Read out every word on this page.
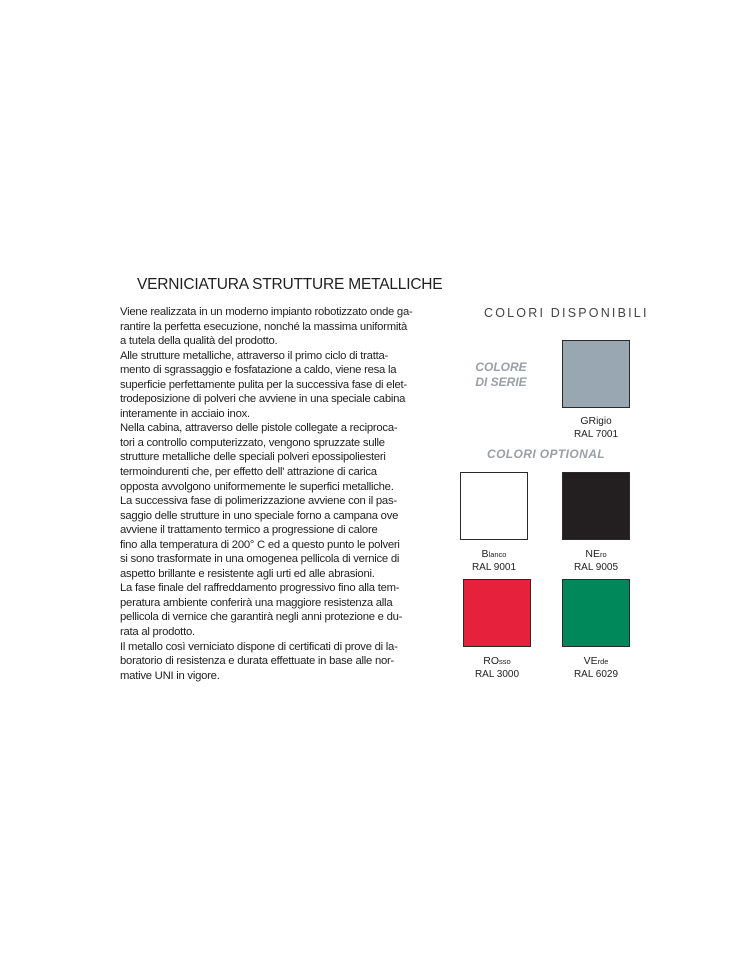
VERNICIATURA STRUTTURE METALLICHE
Viene realizzata in un moderno impianto robotizzato onde ga-
rantire la perfetta esecuzione, nonché la massima uniformità
a tutela della qualità del prodotto.
Alle strutture metalliche, attraverso il primo ciclo di tratta-
mento di sgrassaggio e fosfatazione a caldo, viene resa la
superficie perfettamente pulita per la successiva fase di elet-
trodeposizione di polveri che avviene in una speciale cabina
interamente in acciaio inox.
Nella cabina, attraverso delle pistole collegate a reciproca-
tori a controllo computerizzato, vengono spruzzate sulle
strutture metalliche delle speciali polveri epossipoliesteri
termoindurenti che, per effetto dell' attrazione di carica
opposta avvolgono uniformemente le superfici metalliche.
La successiva fase di polimerizzazione avviene con il pas-
saggio delle strutture in uno speciale forno a campana ove
avviene il trattamento termico a progressione di calore
fino alla temperatura di 200° C ed a questo punto le polveri
si sono trasformate in una omogenea pellicola di vernice di
aspetto brillante e resistente agli urti ed alle abrasioni.
La fase finale del raffreddamento progressivo fino alla tem-
peratura ambiente conferirà una maggiore resistenza alla
pellicola di vernice che garantirà negli anni protezione e du-
rata al prodotto.
Il metallo così verniciato dispone di certificati di prove di la-
boratorio di resistenza e durata effettuate in base alle nor-
mative UNI in vigore.
COLORI DISPONIBILI
COLORE
DI SERIE
COLORI OPTIONAL
GRigio
RAL 7001
Blanco
RAL 9001
NEro
RAL 9005
ROsso
RAL 3000
VErde
RAL 6029
